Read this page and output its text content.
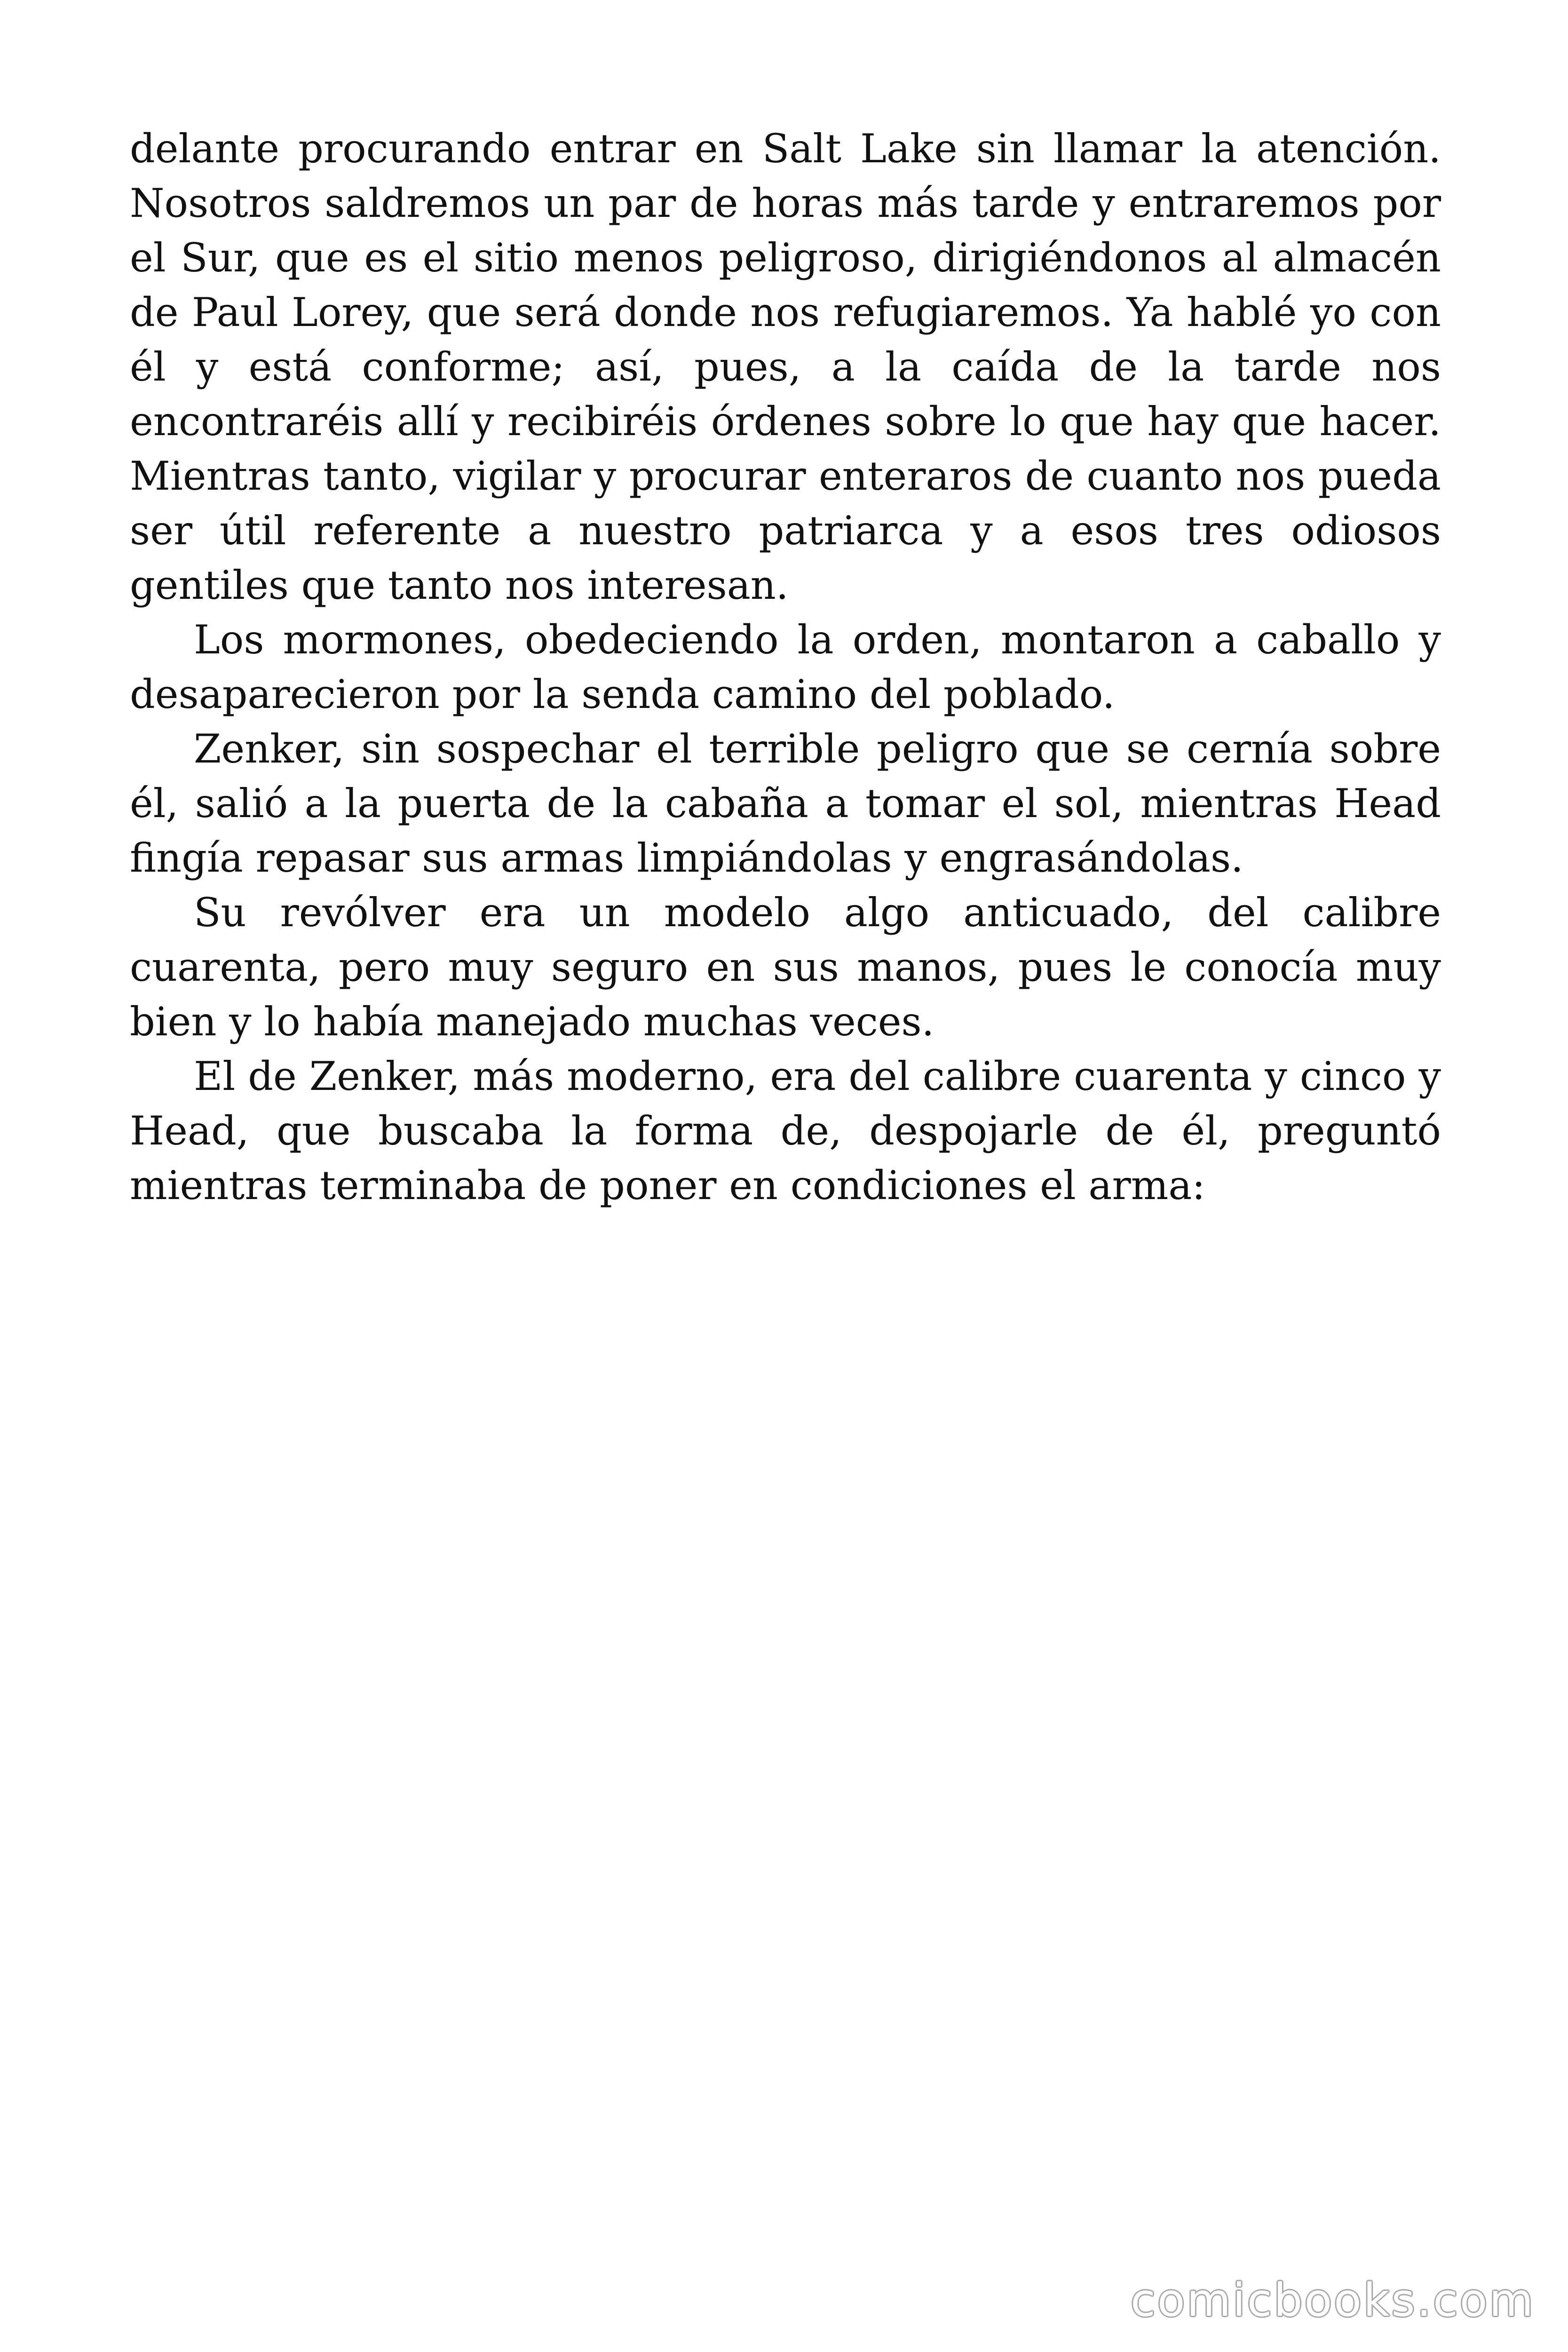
delante procurando entrar en Salt Lake sin llamar la atención. Nosotros saldremos un par de horas más tarde y entraremos por el Sur, que es el sitio menos peligroso, dirigiéndonos al almacén de Paul Lorey, que será donde nos refugiaremos. Ya hablé yo con él y está conforme; así, pues, a la caída de la tarde nos encontraréis allí y recibiréis órdenes sobre lo que hay que hacer. Mientras tanto, vigilar y procurar enteraros de cuanto nos pueda ser útil referente a nuestro patriarca y a esos tres odiosos gentiles que tanto nos interesan.

Los mormones, obedeciendo la orden, montaron a caballo y desaparecieron por la senda camino del poblado.

Zenker, sin sospechar el terrible peligro que se cernía sobre él, salió a la puerta de la cabaña a tomar el sol, mientras Head fingía repasar sus armas limpiándolas y engrasándolas.

Su revólver era un modelo algo anticuado, del calibre cuarenta, pero muy seguro en sus manos, pues le conocía muy bien y lo había manejado muchas veces.

El de Zenker, más moderno, era del calibre cuarenta y cinco y Head, que buscaba la forma de, despojarle de él, preguntó mientras terminaba de poner en condiciones el arma:

comicbooks.com
